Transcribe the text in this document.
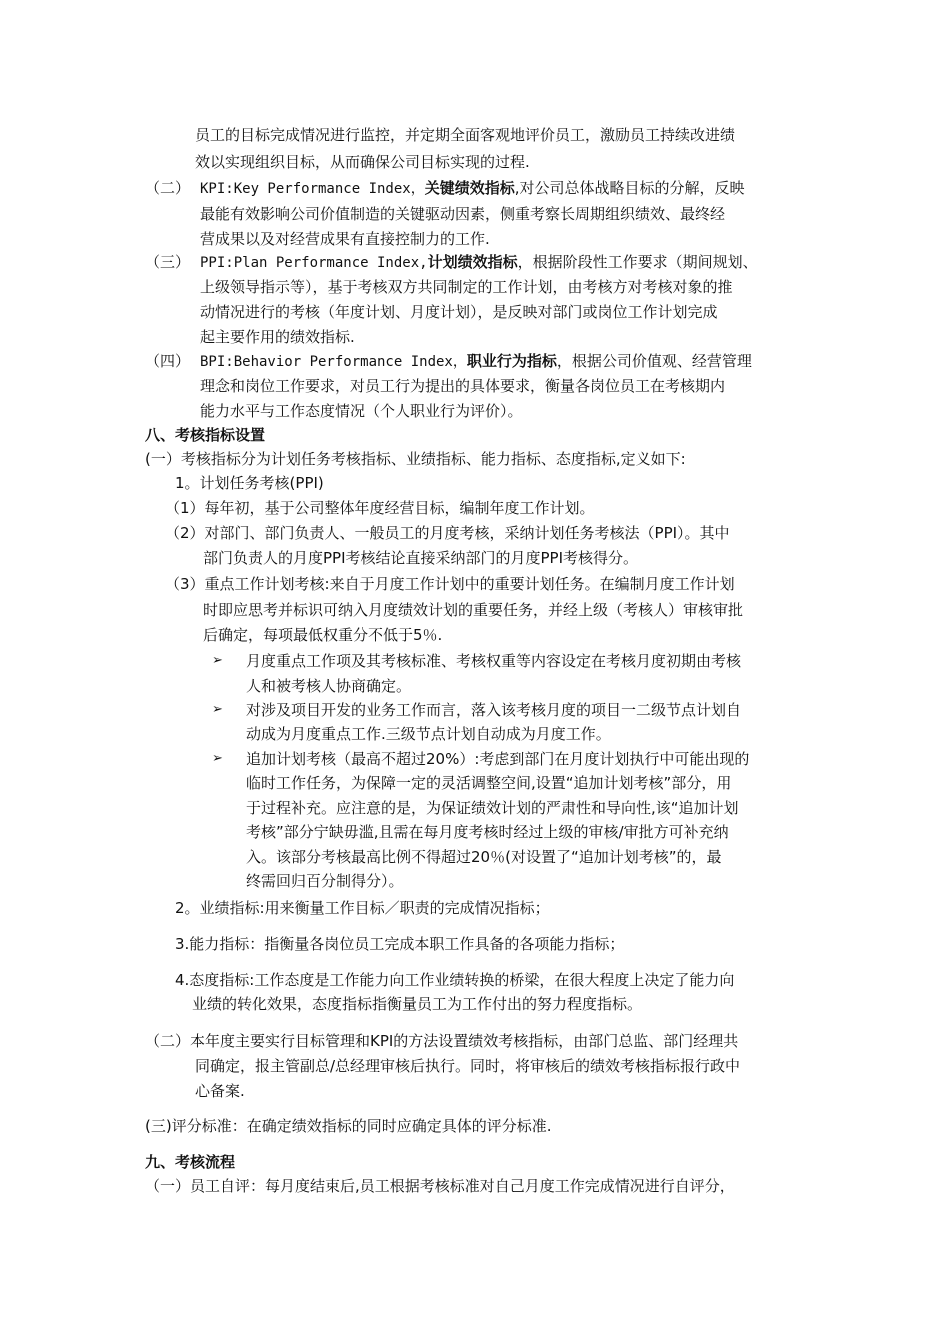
员工的目标完成情况进行监控，并定期全面客观地评价员工，激励员工持续改进绩
效以实现组织目标，从而确保公司目标实现的过程.
（二） KPI:Key Performance Index，关键绩效指标,对公司总体战略目标的分解，反映
最能有效影响公司价值制造的关键驱动因素，侧重考察长周期组织绩效、最终经
营成果以及对经营成果有直接控制力的工作.
（三） PPI:Plan Performance Index,计划绩效指标，根据阶段性工作要求（期间规划、
上级领导指示等），基于考核双方共同制定的工作计划，由考核方对考核对象的推
动情况进行的考核（年度计划、月度计划），是反映对部门或岗位工作计划完成
起主要作用的绩效指标.
（四） BPI:Behavior Performance Index，职业行为指标，根据公司价值观、经营管理
理念和岗位工作要求，对员工行为提出的具体要求，衡量各岗位员工在考核期内
能力水平与工作态度情况（个人职业行为评价）。
八、考核指标设置
(一）考核指标分为计划任务考核指标、业绩指标、能力指标、态度指标,定义如下:
1。计划任务考核(PPI)
（1）每年初，基于公司整体年度经营目标，编制年度工作计划。
（2）对部门、部门负责人、一般员工的月度考核，采纳计划任务考核法（PPI）。其中
部门负责人的月度PPI考核结论直接采纳部门的月度PPI考核得分。
（3）重点工作计划考核:来自于月度工作计划中的重要计划任务。在编制月度工作计划
时即应思考并标识可纳入月度绩效计划的重要任务，并经上级（考核人）审核审批
后确定，每项最低权重分不低于5％.
➢ 月度重点工作项及其考核标准、考核权重等内容设定在考核月度初期由考核
人和被考核人协商确定。
➢ 对涉及项目开发的业务工作而言，落入该考核月度的项目一二级节点计划自
动成为月度重点工作.三级节点计划自动成为月度工作。
➢ 追加计划考核（最高不超过20%）:考虑到部门在月度计划执行中可能出现的
临时工作任务，为保障一定的灵活调整空间,设置“追加计划考核”部分，用
于过程补充。应注意的是，为保证绩效计划的严肃性和导向性,该“追加计划
考核”部分宁缺毋滥,且需在每月度考核时经过上级的审核/审批方可补充纳
入。该部分考核最高比例不得超过20％(对设置了“追加计划考核”的，最
终需回归百分制得分）。
2。业绩指标:用来衡量工作目标／职责的完成情况指标；
3.能力指标：指衡量各岗位员工完成本职工作具备的各项能力指标；
4.态度指标:工作态度是工作能力向工作业绩转换的桥梁，在很大程度上决定了能力向
业绩的转化效果，态度指标指衡量员工为工作付出的努力程度指标。
（二）本年度主要实行目标管理和KPI的方法设置绩效考核指标，由部门总监、部门经理共
同确定，报主管副总/总经理审核后执行。同时，将审核后的绩效考核指标报行政中
心备案.
(三)评分标准：在确定绩效指标的同时应确定具体的评分标准.
九、考核流程
（一）员工自评：每月度结束后,员工根据考核标准对自己月度工作完成情况进行自评分，
